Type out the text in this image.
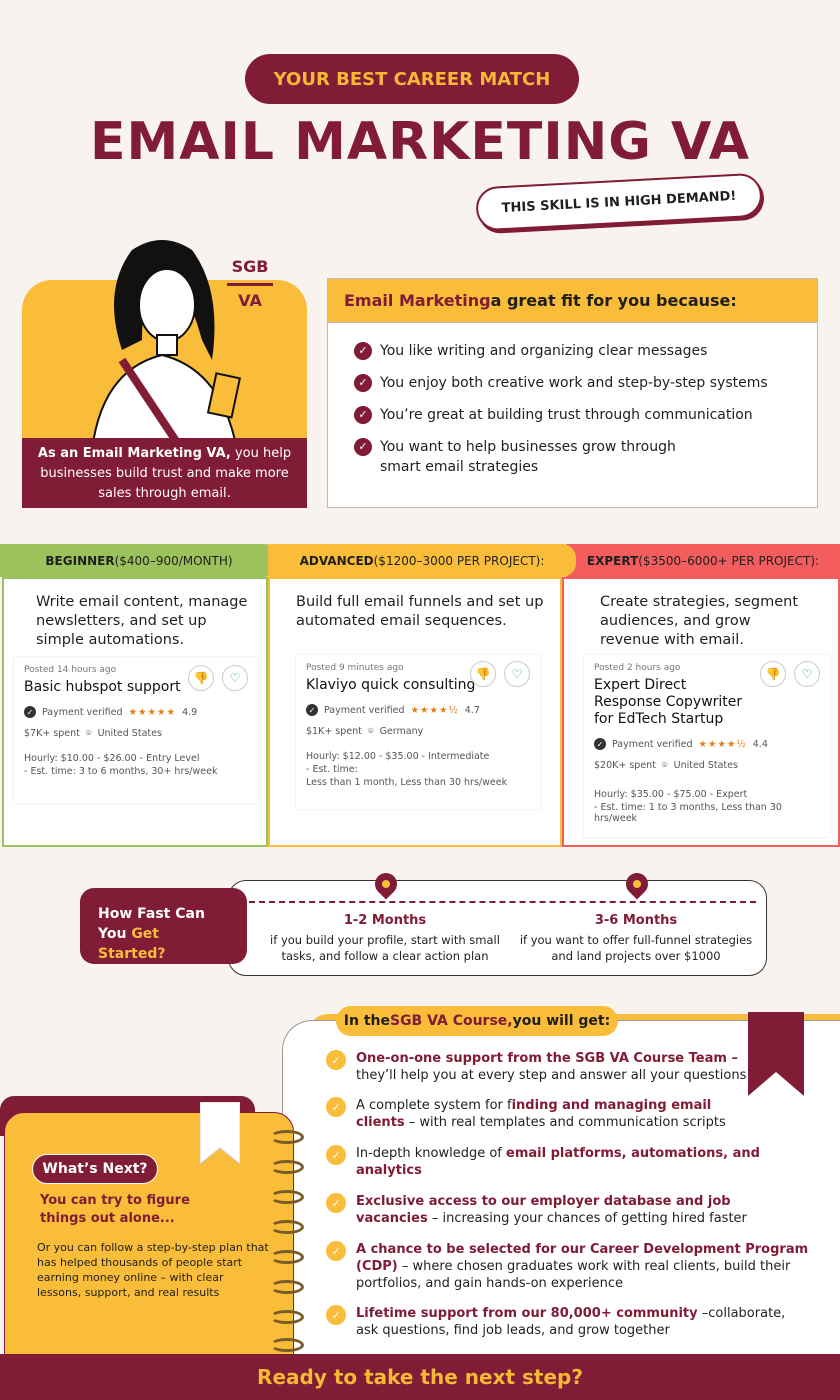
YOUR BEST CAREER MATCH
EMAIL MARKETING VA
THIS SKILL IS IN HIGH DEMAND!
SGB VA
As an Email Marketing VA, you help businesses build trust and make more sales through email.
Email Marketing a great fit for you because:
✓ You like writing and organizing clear messages
✓ You enjoy both creative work and step-by-step systems
✓ You’re great at building trust through communication
✓ You want to help businesses grow through smart email strategies
BEGINNER ($400–900/MONTH)	ADVANCED ($1200–3000 PER PROJECT):	EXPERT ($3500–6000+ PER PROJECT):
Write email content, manage newsletters, and set up simple automations.
Posted 14 hours ago
Basic hubspot support
👎	♡
✓ Payment verified ★★★★★ 4.9
$7K+ spent ⌾ United States
Hourly: $10.00 - $26.00 - Entry Level
- Est. time: 3 to 6 months, 30+ hrs/week
Build full email funnels and set up automated email sequences.
Posted 9 minutes ago
Klaviyo quick consulting
👎	♡
✓ Payment verified ★★★★½ 4.7
$1K+ spent ⌾ Germany
Hourly: $12.00 - $35.00 - Intermediate
- Est. time:
Less than 1 month, Less than 30 hrs/week
Create strategies, segment audiences, and grow revenue with email.
Posted 2 hours ago
Expert Direct Response Copywriter for EdTech Startup
👎	♡
✓ Payment verified ★★★★½ 4.4
$20K+ spent ⌾ United States
Hourly: $35.00 - $75.00 - Expert
- Est. time: 1 to 3 months, Less than 30 hrs/week
1-2 Months
if you build your profile, start with small tasks, and follow a clear action plan
3-6 Months
if you want to offer full-funnel strategies and land projects over $1000
How Fast Can
You Get Started?
In the SGB VA Course, you will get:
✓	One-on-one support from the SGB VA Course Team – they’ll help you at every step and answer all your questions
✓	A complete system for finding and managing email clients – with real templates and communication scripts
✓	In-depth knowledge of email platforms, automations, and analytics
✓	Exclusive access to our employer database and job vacancies – increasing your chances of getting hired faster
✓	A chance to be selected for our Career Development Program (CDP) – where chosen graduates work with real clients, build their portfolios, and gain hands-on experience
✓	Lifetime support from our 80,000+ community –collaborate, ask questions, find job leads, and grow together
What’s Next?
You can try to figure things out alone...
Or you can follow a step-by-step plan that has helped thousands of people start earning money online – with clear lessons, support, and real results
Ready to take the next step?
